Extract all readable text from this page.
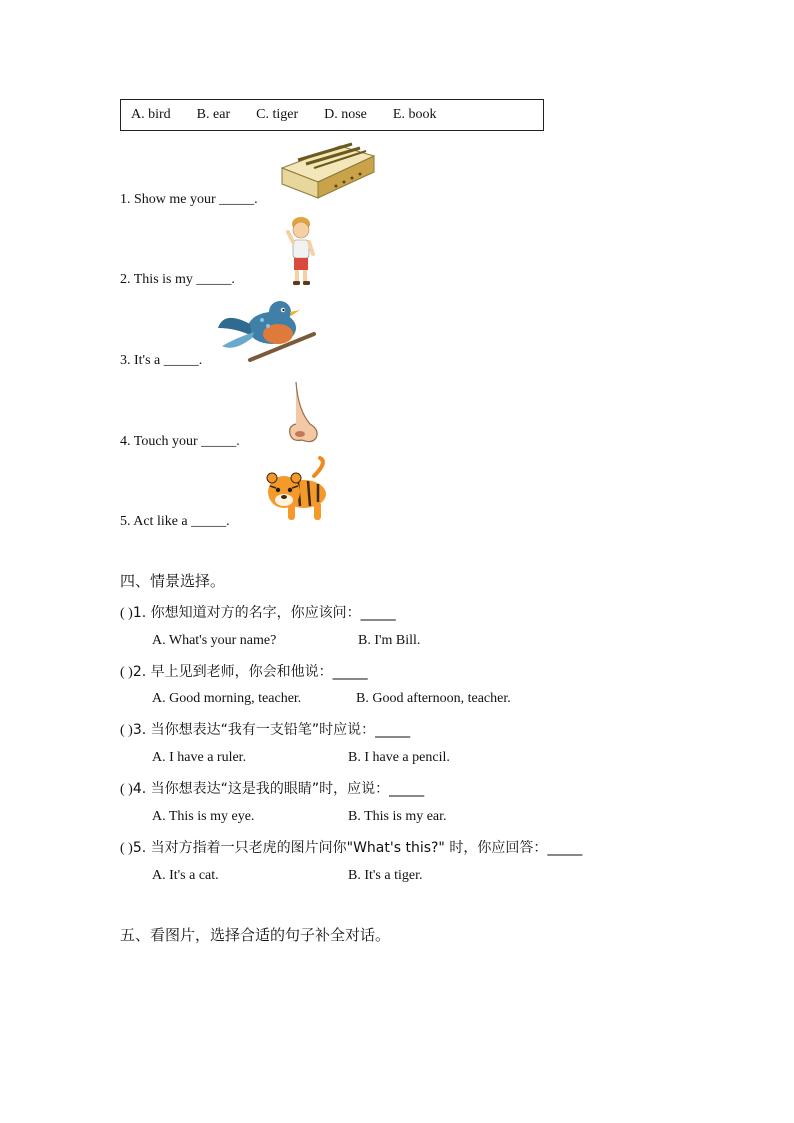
A. bird B. ear C. tiger D. nose E. book
1. Show me your _____.
2. This is my _____.
3. It's a _____.
4. Touch your _____.
5. Act like a _____.
四、情景选择。
( )1. 你想知道对方的名字，你应该问：_____
A. What's your name?	B. I'm Bill.
( )2. 早上见到老师，你会和他说：_____
A. Good morning, teacher.	B. Good afternoon, teacher.
( )3. 当你想表达“我有一支铅笔”时应说：_____
A. I have a ruler.	B. I have a pencil.
( )4. 当你想表达“这是我的眼睛”时，应说：_____
A. This is my eye.	B. This is my ear.
( )5. 当对方指着一只老虎的图片问你"What's this?" 时，你应回答：_____
A. It's a cat.	B. It's a tiger.
五、看图片，选择合适的句子补全对话。
